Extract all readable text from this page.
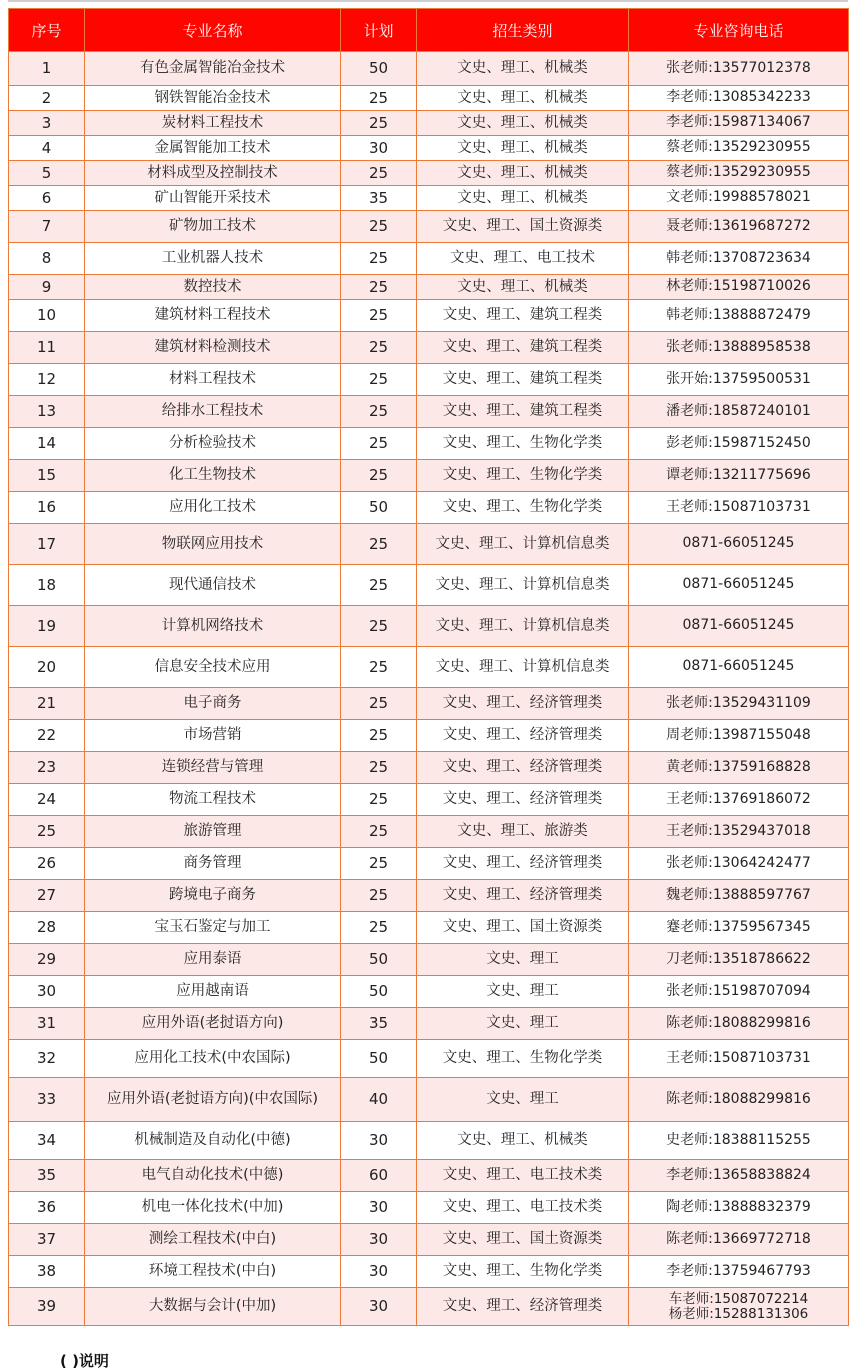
序号	专业名称	计划	招生类别	专业咨询电话
1	有色金属智能冶金技术	50	文史、理工、机械类	张老师:13577012378
2	钢铁智能冶金技术	25	文史、理工、机械类	李老师:13085342233
3	炭材料工程技术	25	文史、理工、机械类	李老师:15987134067
4	金属智能加工技术	30	文史、理工、机械类	蔡老师:13529230955
5	材料成型及控制技术	25	文史、理工、机械类	蔡老师:13529230955
6	矿山智能开采技术	35	文史、理工、机械类	文老师:19988578021
7	矿物加工技术	25	文史、理工、国土资源类	聂老师:13619687272
8	工业机器人技术	25	文史、理工、电工技术	韩老师:13708723634
9	数控技术	25	文史、理工、机械类	林老师:15198710026
10	建筑材料工程技术	25	文史、理工、建筑工程类	韩老师:13888872479
11	建筑材料检测技术	25	文史、理工、建筑工程类	张老师:13888958538
12	材料工程技术	25	文史、理工、建筑工程类	张开始:13759500531
13	给排水工程技术	25	文史、理工、建筑工程类	潘老师:18587240101
14	分析检验技术	25	文史、理工、生物化学类	彭老师:15987152450
15	化工生物技术	25	文史、理工、生物化学类	谭老师:13211775696
16	应用化工技术	50	文史、理工、生物化学类	王老师:15087103731
17	物联网应用技术	25	文史、理工、计算机信息类	0871-66051245
18	现代通信技术	25	文史、理工、计算机信息类	0871-66051245
19	计算机网络技术	25	文史、理工、计算机信息类	0871-66051245
20	信息安全技术应用	25	文史、理工、计算机信息类	0871-66051245
21	电子商务	25	文史、理工、经济管理类	张老师:13529431109
22	市场营销	25	文史、理工、经济管理类	周老师:13987155048
23	连锁经营与管理	25	文史、理工、经济管理类	黄老师:13759168828
24	物流工程技术	25	文史、理工、经济管理类	王老师:13769186072
25	旅游管理	25	文史、理工、旅游类	王老师:13529437018
26	商务管理	25	文史、理工、经济管理类	张老师:13064242477
27	跨境电子商务	25	文史、理工、经济管理类	魏老师:13888597767
28	宝玉石鉴定与加工	25	文史、理工、国土资源类	蹇老师:13759567345
29	应用泰语	50	文史、理工	刀老师:13518786622
30	应用越南语	50	文史、理工	张老师:15198707094
31	应用外语(老挝语方向)	35	文史、理工	陈老师:18088299816
32	应用化工技术(中农国际)	50	文史、理工、生物化学类	王老师:15087103731
33	应用外语(老挝语方向)(中农国际)	40	文史、理工	陈老师:18088299816
34	机械制造及自动化(中德)	30	文史、理工、机械类	史老师:18388115255
35	电气自动化技术(中德)	60	文史、理工、电工技术类	李老师:13658838824
36	机电一体化技术(中加)	30	文史、理工、电工技术类	陶老师:13888832379
37	测绘工程技术(中白)	30	文史、理工、国土资源类	陈老师:13669772718
38	环境工程技术(中白)	30	文史、理工、生物化学类	李老师:13759467793
39	大数据与会计(中加)	30	文史、理工、经济管理类	车老师:15087072214
杨老师:15288131306
( )说明
